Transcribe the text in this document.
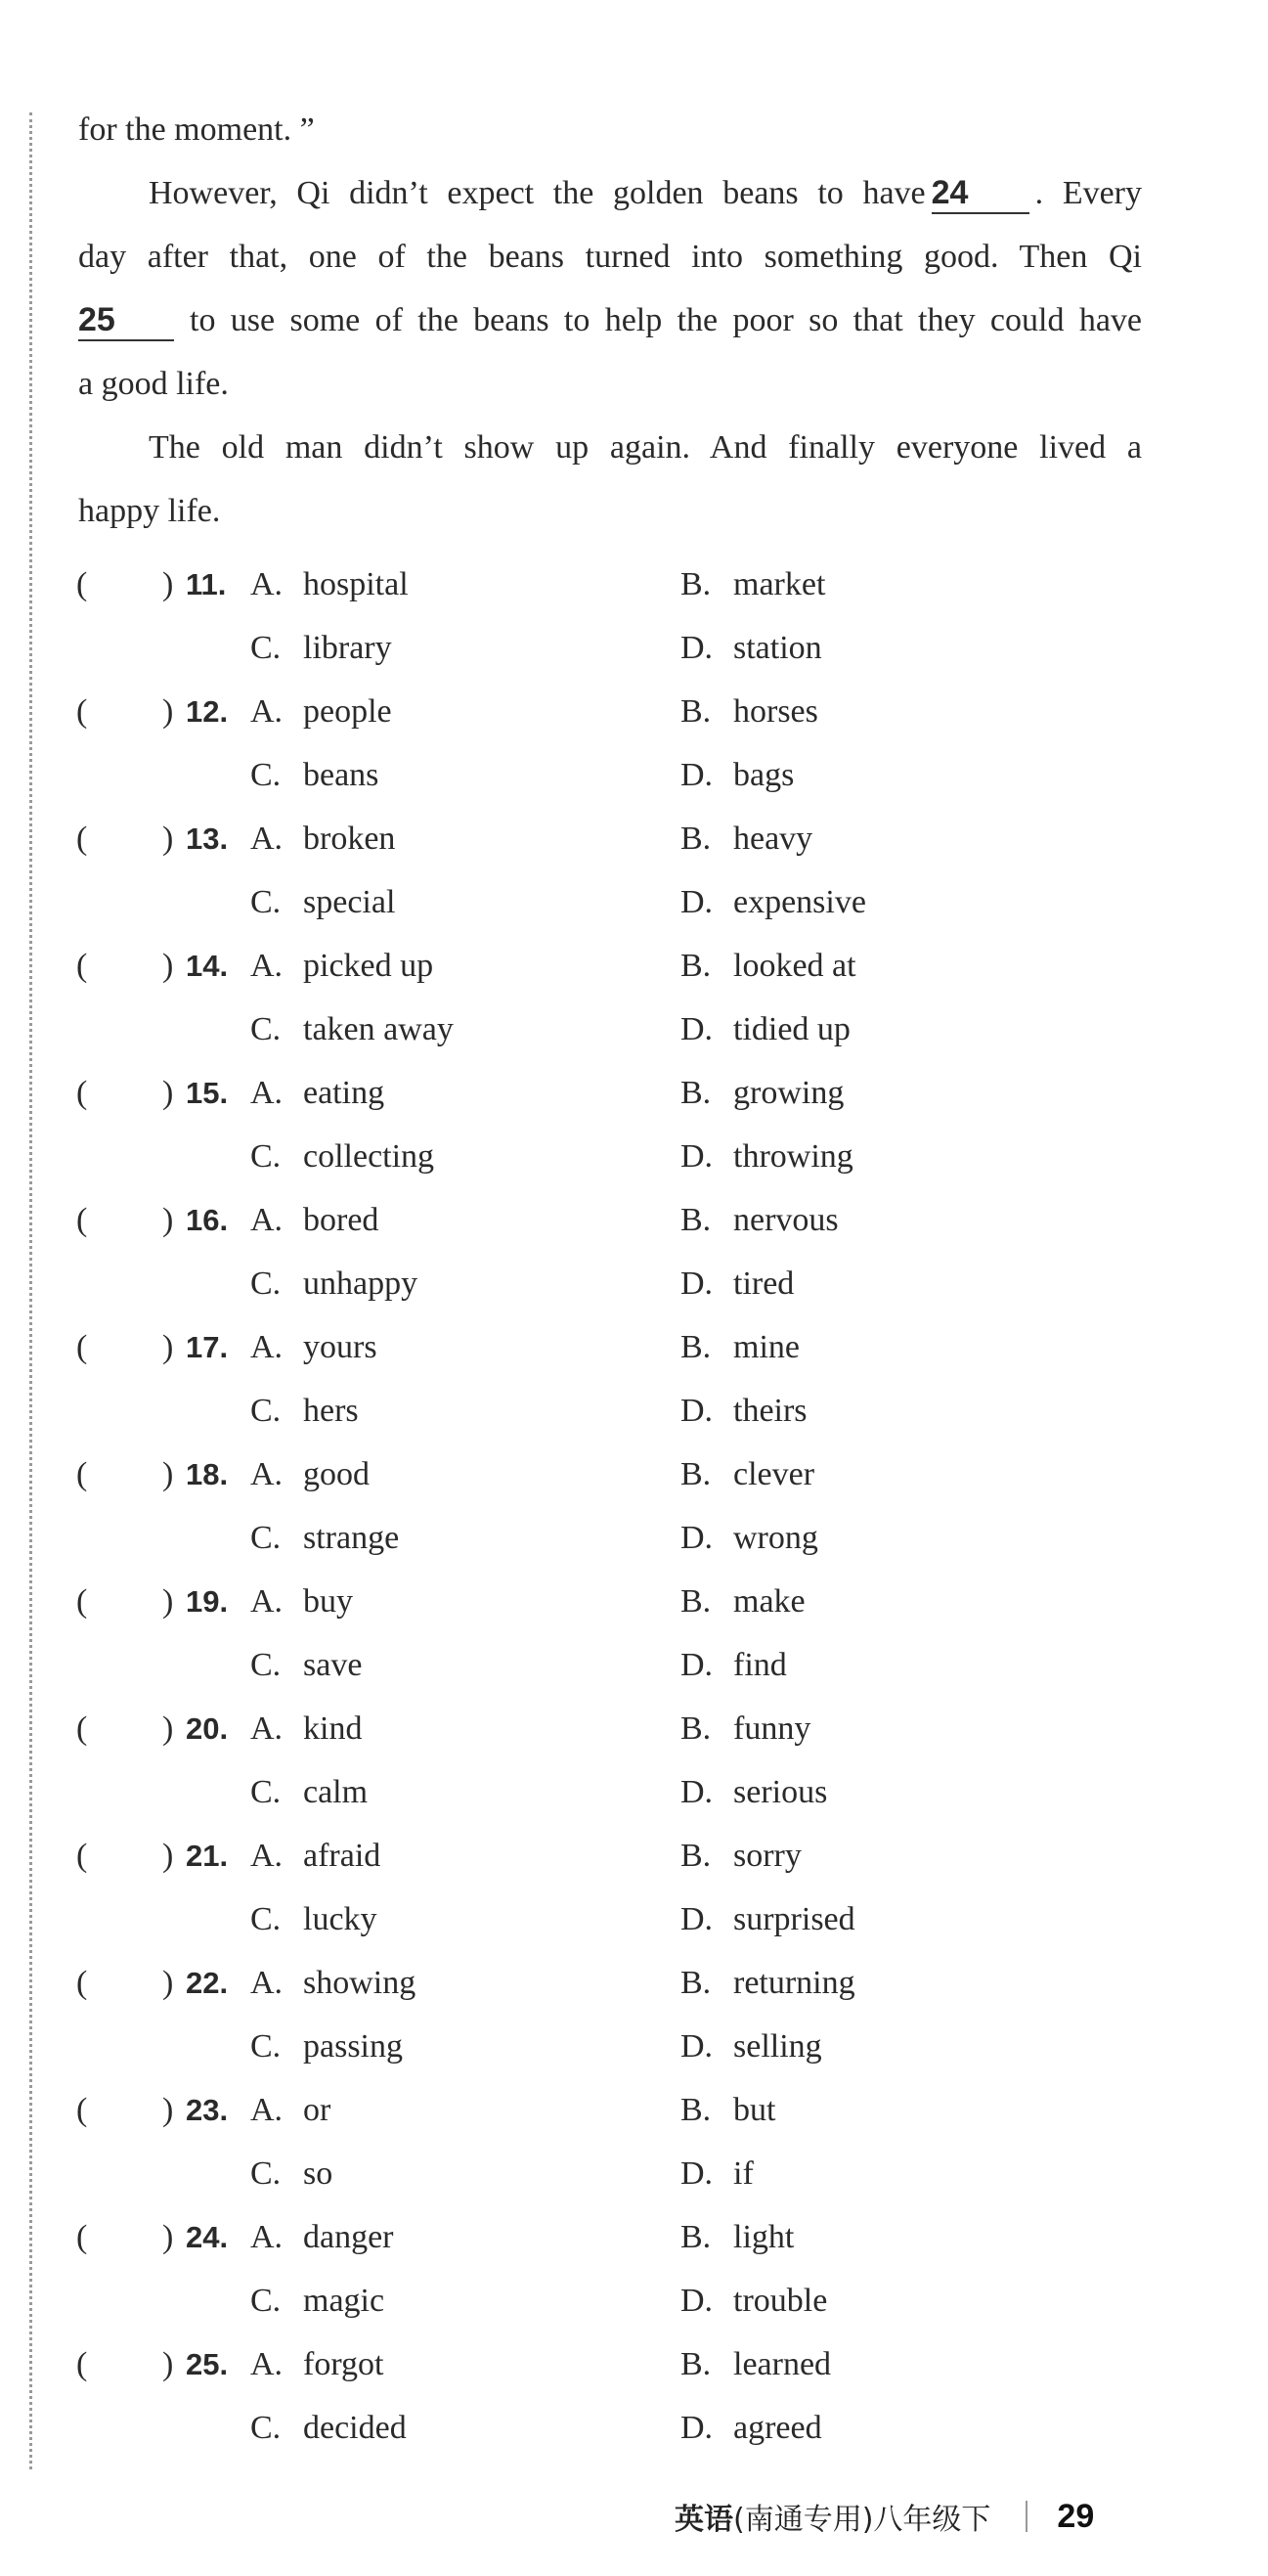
for the moment. ”
However, Qi didn’t expect the golden beans to have 24 . Every
day after that, one of the beans turned into something good. Then Qi
25 to use some of the beans to help the poor so that they could have
a good life.
The old man didn’t show up again. And finally everyone lived a
happy life.
( ) 11. A. hospital	B. market
C. library	D. station
( ) 12. A. people	B. horses
C. beans	D. bags
( ) 13. A. broken	B. heavy
C. special	D. expensive
( ) 14. A. picked up	B. looked at
C. taken away	D. tidied up
( ) 15. A. eating	B. growing
C. collecting	D. throwing
( ) 16. A. bored	B. nervous
C. unhappy	D. tired
( ) 17. A. yours	B. mine
C. hers	D. theirs
( ) 18. A. good	B. clever
C. strange	D. wrong
( ) 19. A. buy	B. make
C. save	D. find
( ) 20. A. kind	B. funny
C. calm	D. serious
( ) 21. A. afraid	B. sorry
C. lucky	D. surprised
( ) 22. A. showing	B. returning
C. passing	D. selling
( ) 23. A. or	B. but
C. so	D. if
( ) 24. A. danger	B. light
C. magic	D. trouble
( ) 25. A. forgot	B. learned
C. decided	D. agreed
英语(南通专用)八年级下 29
